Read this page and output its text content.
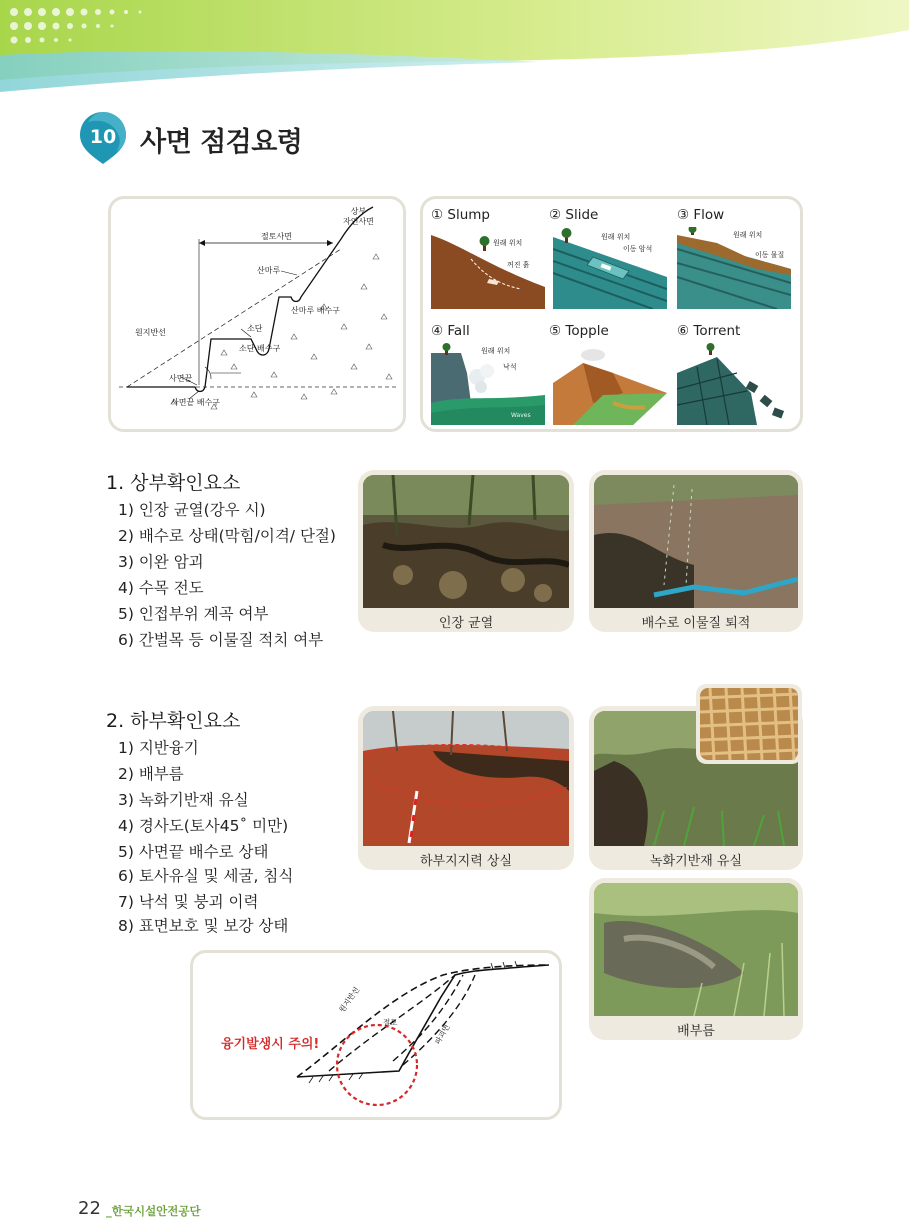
10 사면 점검요령
상부
자연사면
절토사면
산마루
산마루 배수구
원지반선	소단
소단 배수구
사면끝
사면끝 배수구
① Slump
원래 위치
꺼진 흙
② Slide
원래 위치
이동 암석
③ Flow
원래 위치
이동 물질
④ Fall
원래 위치
낙석
Waves
⑤ Topple	⑥ Torrent
1. 상부확인요소
1) 인장 균열(강우 시)
2) 배수로 상태(막힘/이격/ 단절)
3) 이완 암괴
4) 수목 전도
5) 인접부위 계곡 여부
6) 간벌목 등 이물질 적치 여부
인장 균열	배수로 이물질 퇴적
2. 하부확인요소
1) 지반융기
2) 배부름
3) 녹화기반재 유실
4) 경사도(토사45˚ 미만)
5) 사면끝 배수로 상태
6) 토사유실 및 세굴, 침식
7) 낙석 및 붕괴 이력
8) 표면보호 및 보강 상태
하부지지력 상실	녹화기반재 유실
배부름
원지반선
절토
파괴면
융기발생시 주의!
22 _한국시설안전공단
